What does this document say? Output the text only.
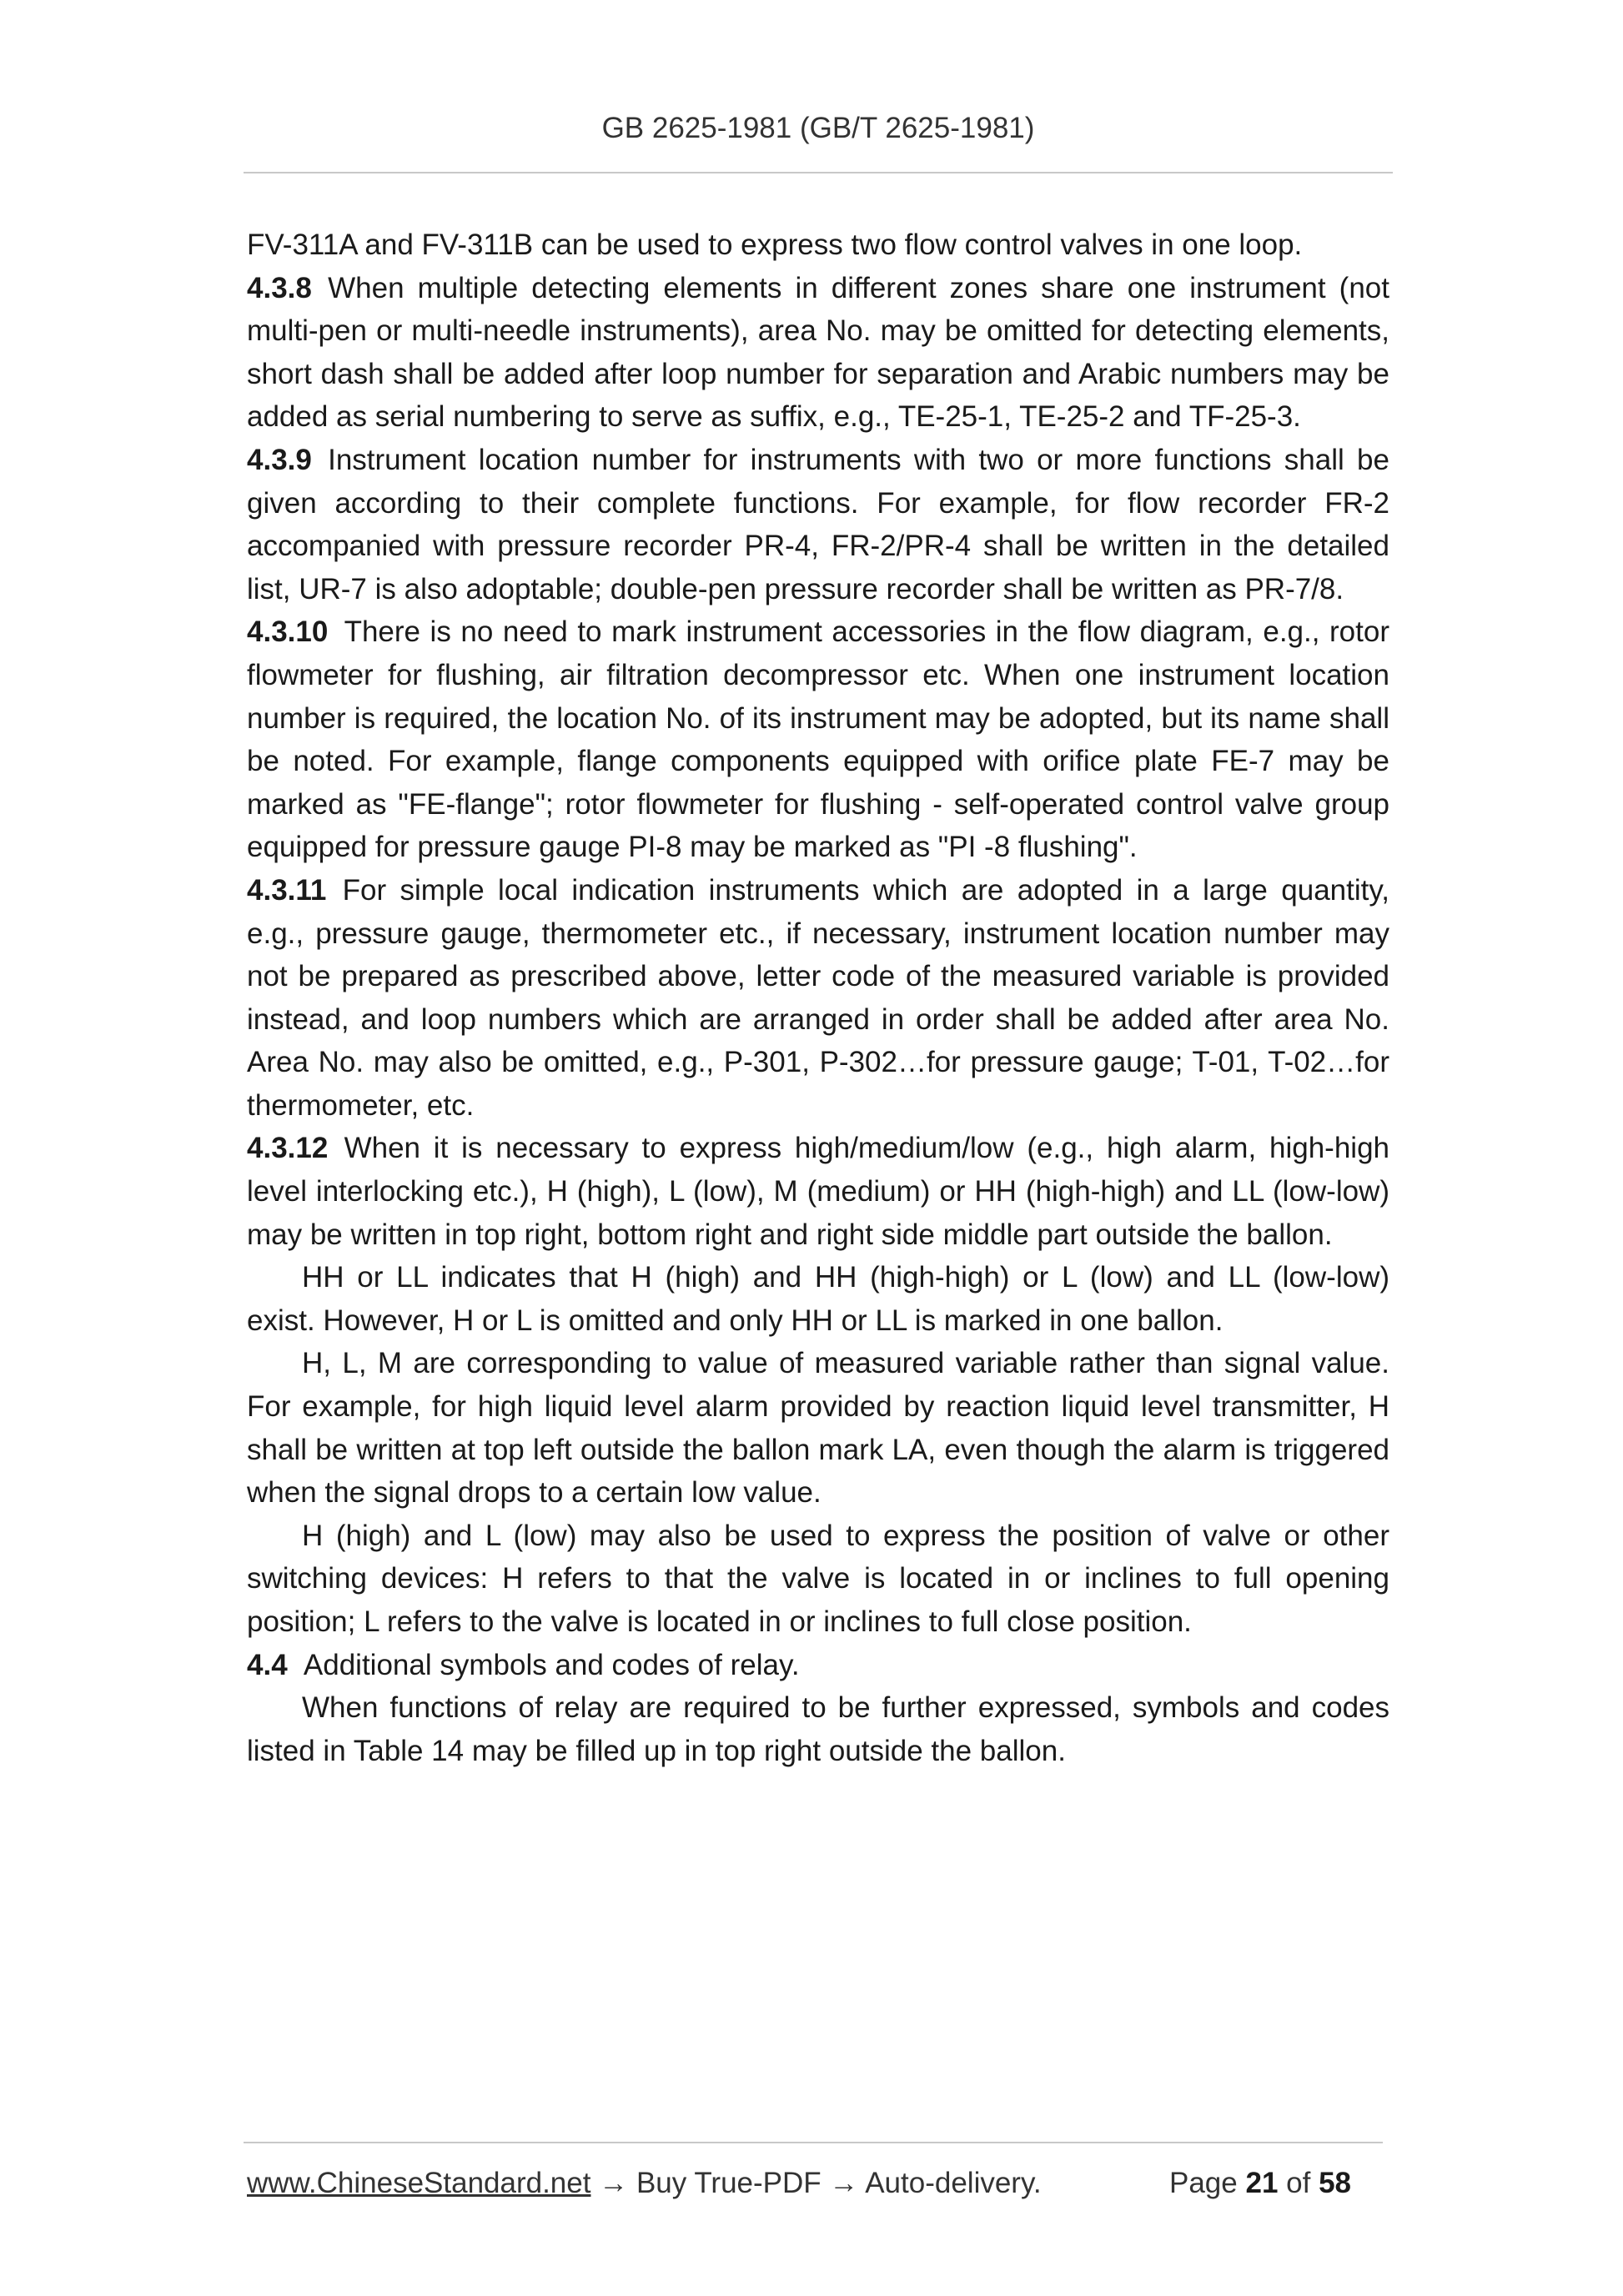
GB 2625-1981 (GB/T 2625-1981)

FV-311A and FV-311B can be used to express two flow control valves in one loop.

4.3.8 When multiple detecting elements in different zones share one instrument (not multi-pen or multi-needle instruments), area No. may be omitted for detecting elements, short dash shall be added after loop number for separation and Arabic numbers may be added as serial numbering to serve as suffix, e.g., TE-25-1, TE-25-2 and TF-25-3.

4.3.9 Instrument location number for instruments with two or more functions shall be given according to their complete functions. For example, for flow recorder FR-2 accompanied with pressure recorder PR-4, FR-2/PR-4 shall be written in the detailed list, UR-7 is also adoptable; double-pen pressure recorder shall be written as PR-7/8.

4.3.10 There is no need to mark instrument accessories in the flow diagram, e.g., rotor flowmeter for flushing, air filtration decompressor etc. When one instrument location number is required, the location No. of its instrument may be adopted, but its name shall be noted. For example, flange components equipped with orifice plate FE-7 may be marked as "FE-flange"; rotor flowmeter for flushing - self-operated control valve group equipped for pressure gauge PI-8 may be marked as "PI -8 flushing".

4.3.11 For simple local indication instruments which are adopted in a large quantity, e.g., pressure gauge, thermometer etc., if necessary, instrument location number may not be prepared as prescribed above, letter code of the measured variable is provided instead, and loop numbers which are arranged in order shall be added after area No. Area No. may also be omitted, e.g., P-301, P-302…for pressure gauge; T-01, T-02…for thermometer, etc.

4.3.12 When it is necessary to express high/medium/low (e.g., high alarm, high-high level interlocking etc.), H (high), L (low), M (medium) or HH (high-high) and LL (low-low) may be written in top right, bottom right and right side middle part outside the ballon.

HH or LL indicates that H (high) and HH (high-high) or L (low) and LL (low-low) exist. However, H or L is omitted and only HH or LL is marked in one ballon.

H, L, M are corresponding to value of measured variable rather than signal value. For example, for high liquid level alarm provided by reaction liquid level transmitter, H shall be written at top left outside the ballon mark LA, even though the alarm is triggered when the signal drops to a certain low value.

H (high) and L (low) may also be used to express the position of valve or other switching devices: H refers to that the valve is located in or inclines to full opening position; L refers to the valve is located in or inclines to full close position.

4.4 Additional symbols and codes of relay.

When functions of relay are required to be further expressed, symbols and codes listed in Table 14 may be filled up in top right outside the ballon.

www.ChineseStandard.net → Buy True-PDF → Auto-delivery.	Page 21 of 58
